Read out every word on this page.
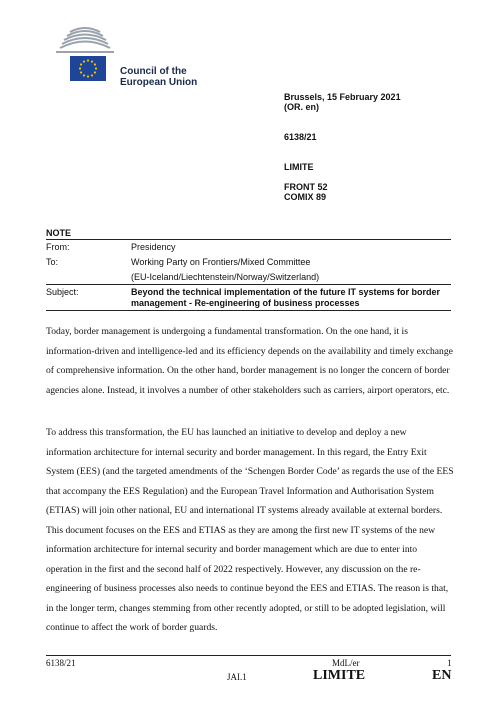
Council of the
European Union
Brussels, 15 February 2021
(OR. en)
6138/21
LIMITE
FRONT 52
COMIX 89
NOTE
From:	Presidency
To:	Working Party on Frontiers/Mixed Committee
(EU-Iceland/Liechtenstein/Norway/Switzerland)
Subject:	Beyond the technical implementation of the future IT systems for border
management - Re-engineering of business processes

Today, border management is undergoing a fundamental transformation. On the one hand, it is information-driven and intelligence-led and its efficiency depends on the availability and timely exchange of comprehensive information. On the other hand, border management is no longer the concern of border agencies alone. Instead, it involves a number of other stakeholders such as carriers, airport operators, etc.

To address this transformation, the EU has launched an initiative to develop and deploy a new information architecture for internal security and border management. In this regard, the Entry Exit System (EES) (and the targeted amendments of the ‘Schengen Border Code’ as regards the use of the EES that accompany the EES Regulation) and the European Travel Information and Authorisation System (ETIAS) will join other national, EU and international IT systems already available at external borders. This document focuses on the EES and ETIAS as they are among the first new IT systems of the new information architecture for internal security and border management which are due to enter into operation in the first and the second half of 2022 respectively. However, any discussion on the re-engineering of business processes also needs to continue beyond the EES and ETIAS. The reason is that, in the longer term, changes stemming from other recently adopted, or still to be adopted legislation, will continue to affect the work of border guards.

6138/21	MdL/er	1
JAI.1	LIMITE	EN
